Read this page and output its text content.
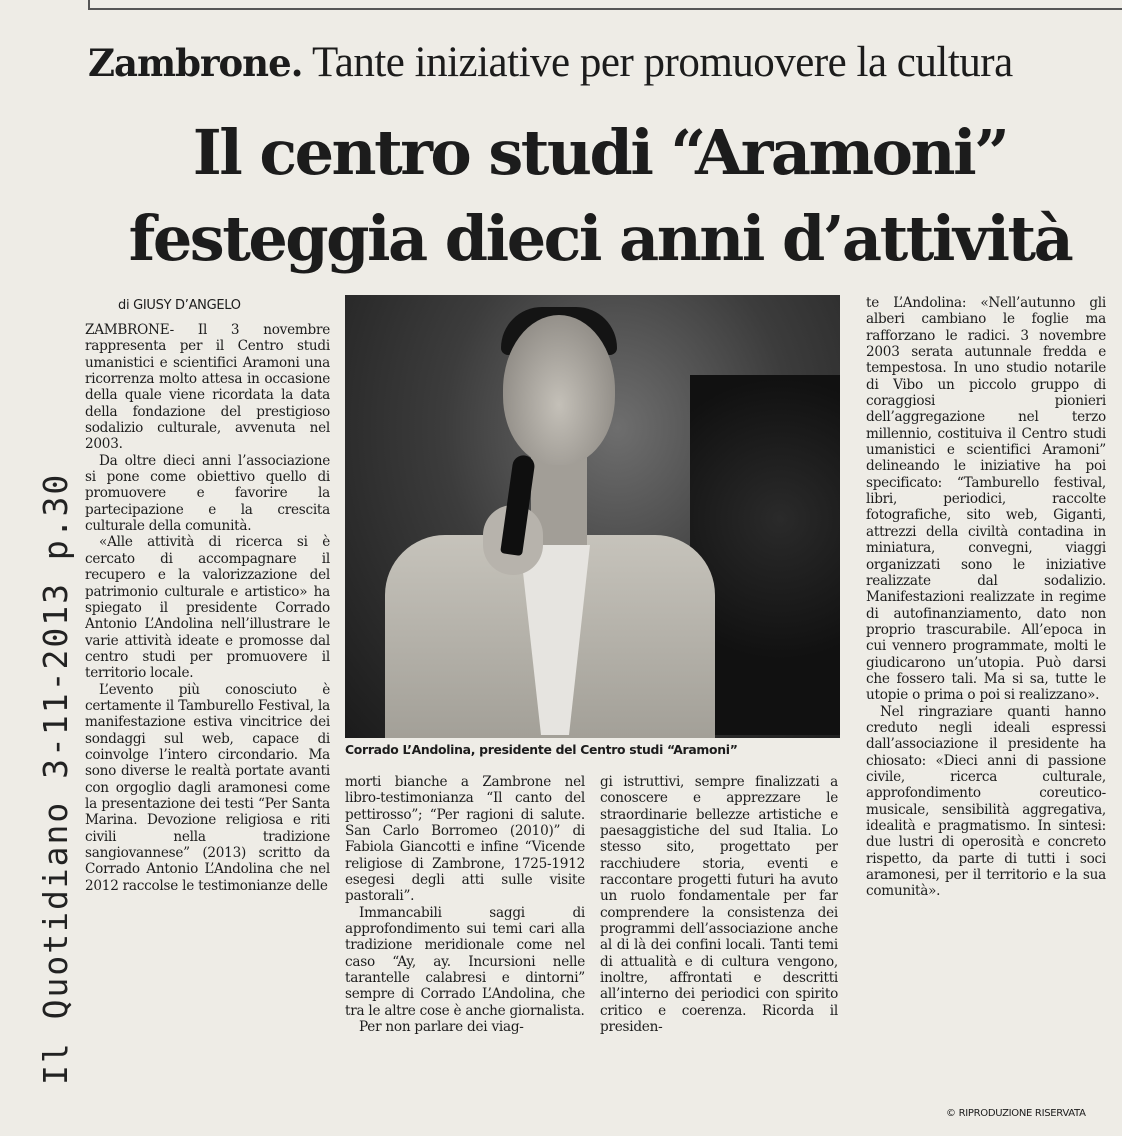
Zambrone. Tante iniziative per promuovere la cultura
Il centro studi “Aramoni”
festeggia dieci anni d’attività
di GIUSY D’ANGELO

ZAMBRONE- Il 3 novembre rappresenta per il Centro studi umanistici e scientifici Aramoni una ricorrenza molto attesa in occasione della quale viene ricordata la data della fondazione del prestigioso sodalizio culturale, avvenuta nel 2003.

Da oltre dieci anni l’associazione si pone come obiettivo quello di promuovere e favorire la partecipazione e la crescita culturale della comunità.

«Alle attività di ricerca si è cercato di accompagnare il recupero e la valorizzazione del patrimonio culturale e artistico» ha spiegato il presidente Corrado Antonio L’Andolina nell’illustrare le varie attività ideate e promosse dal centro studi per promuovere il territorio locale.

L’evento più conosciuto è certamente il Tamburello Festival, la manifestazione estiva vincitrice dei sondaggi sul web, capace di coinvolge l’intero circondario. Ma sono diverse le realtà portate avanti con orgoglio dagli aramonesi come la presentazione dei testi “Per Santa Marina. Devozione religiosa e riti civili nella tradizione sangiovannese” (2013) scritto da Corrado Antonio L’Andolina che nel 2012 raccolse le testimonianze delle

Corrado L’Andolina, presidente del Centro studi “Aramoni”

morti bianche a Zambrone nel libro-testimonianza “Il canto del pettirosso”; “Per ragioni di salute. San Carlo Borromeo (2010)” di Fabiola Giancotti e infine “Vicende religiose di Zambrone, 1725-1912 esegesi degli atti sulle visite pastorali”.

Immancabili saggi di approfondimento sui temi cari alla tradizione meridionale come nel caso “Ay, ay. Incursioni nelle tarantelle calabresi e dintorni” sempre di Corrado L’Andolina, che tra le altre cose è anche giornalista.

Per non parlare dei viag-

gi istruttivi, sempre finalizzati a conoscere e apprezzare le straordinarie bellezze artistiche e paesaggistiche del sud Italia. Lo stesso sito, progettato per racchiudere storia, eventi e raccontare progetti futuri ha avuto un ruolo fondamentale per far comprendere la consistenza dei programmi dell’associazione anche al di là dei confini locali. Tanti temi di attualità e di cultura vengono, inoltre, affrontati e descritti all’interno dei periodici con spirito critico e coerenza. Ricorda il presiden-

te L’Andolina: «Nell’autunno gli alberi cambiano le foglie ma rafforzano le radici. 3 novembre 2003 serata autunnale fredda e tempestosa. In uno studio notarile di Vibo un piccolo gruppo di coraggiosi pionieri dell’aggregazione nel terzo millennio, costituiva il Centro studi umanistici e scientifici Aramoni” delineando le iniziative ha poi specificato: “Tamburello festival, libri, periodici, raccolte fotografiche, sito web, Giganti, attrezzi della civiltà contadina in miniatura, convegni, viaggi organizzati sono le iniziative realizzate dal sodalizio. Manifestazioni realizzate in regime di autofinanziamento, dato non proprio trascurabile. All’epoca in cui vennero programmate, molti le giudicarono un’utopia. Può darsi che fossero tali. Ma si sa, tutte le utopie o prima o poi si realizzano».

Nel ringraziare quanti hanno creduto negli ideali espressi dall’associazione il presidente ha chiosato: «Dieci anni di passione civile, ricerca culturale, approfondimento coreutico-musicale, sensibilità aggregativa, idealità e pragmatismo. In sintesi: due lustri di operosità e concreto rispetto, da parte di tutti i soci aramonesi, per il territorio e la sua comunità».

Il Quotidiano 3-11-2013 p.30
© RIPRODUZIONE RISERVATA
